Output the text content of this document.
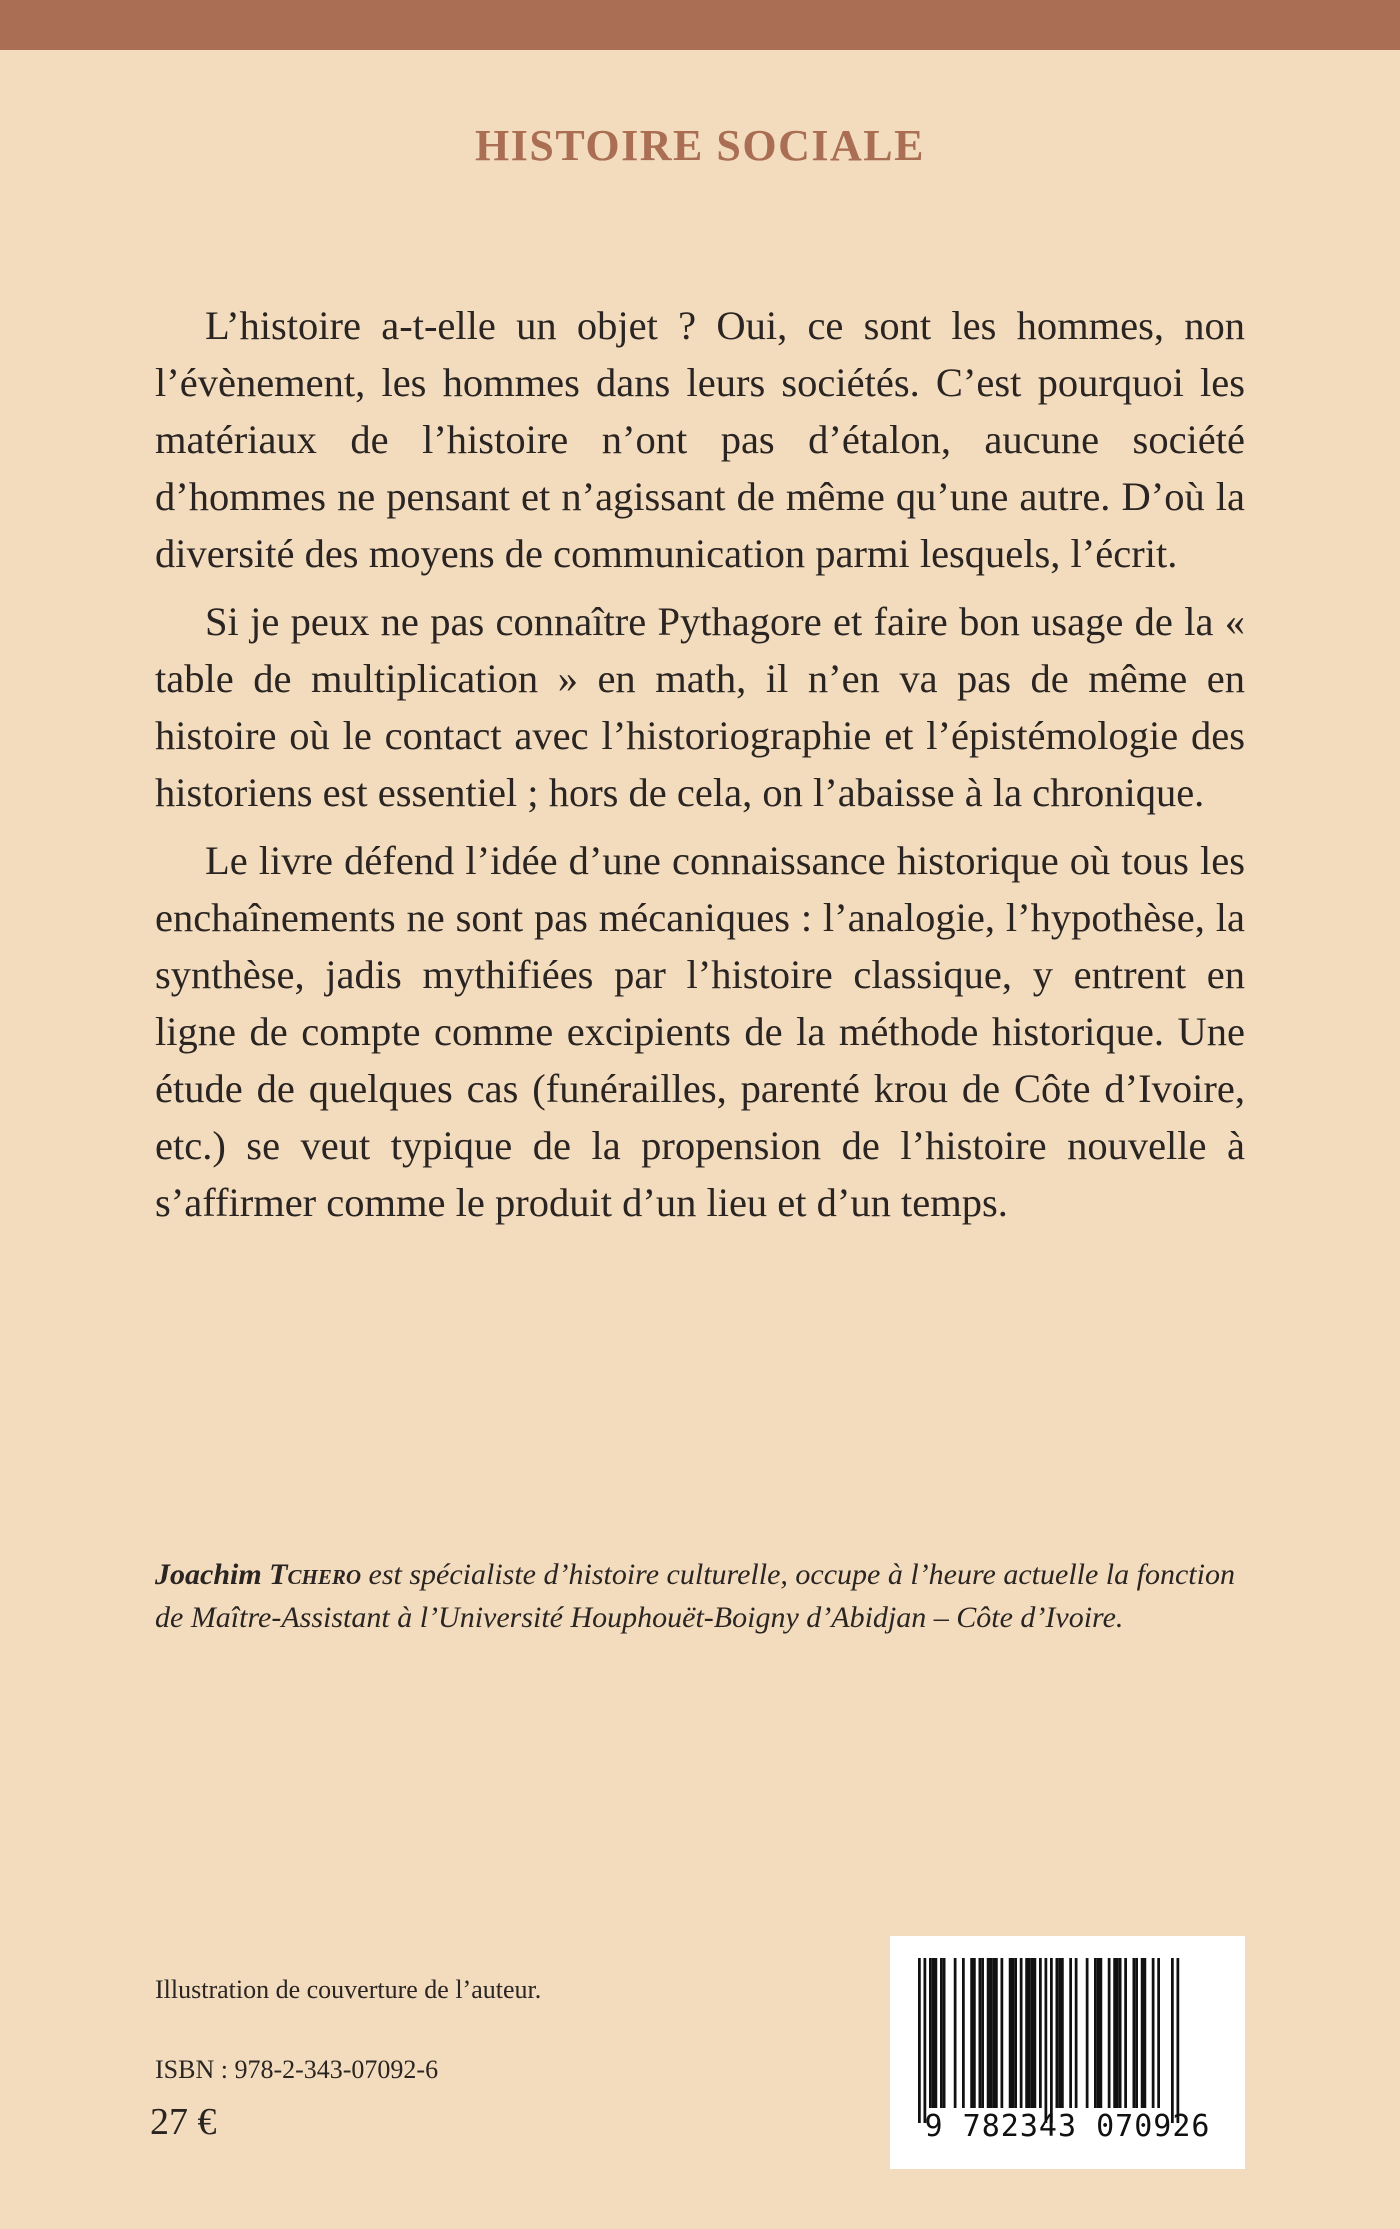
HISTOIRE SOCIALE

L’histoire a-t-elle un objet ? Oui, ce sont les hommes, non l’évènement, les hommes dans leurs sociétés. C’est pourquoi les matériaux de l’histoire n’ont pas d’étalon, aucune société d’hommes ne pensant et n’agissant de même qu’une autre. D’où la diversité des moyens de communication parmi lesquels, l’écrit.

Si je peux ne pas connaître Pythagore et faire bon usage de la « table de multiplication » en math, il n’en va pas de même en histoire où le contact avec l’historiographie et l’épistémologie des historiens est essentiel ; hors de cela, on l’abaisse à la chronique.

Le livre défend l’idée d’une connaissance historique où tous les enchaînements ne sont pas mécaniques : l’analogie, l’hypothèse, la synthèse, jadis mythifiées par l’histoire classique, y entrent en ligne de compte comme excipients de la méthode historique. Une étude de quelques cas (funérailles, parenté krou de Côte d’Ivoire, etc.) se veut typique de la propension de l’histoire nouvelle à s’affirmer comme le produit d’un lieu et d’un temps.

Joachim Tchero est spécialiste d’histoire culturelle, occupe à l’heure actuelle la fonction de Maître-Assistant à l’Université Houphouët-Boigny d’Abidjan – Côte d’Ivoire.

Illustration de couverture de l’auteur.

ISBN : 978-2-343-07092-6

27 €	9 782343 070926
